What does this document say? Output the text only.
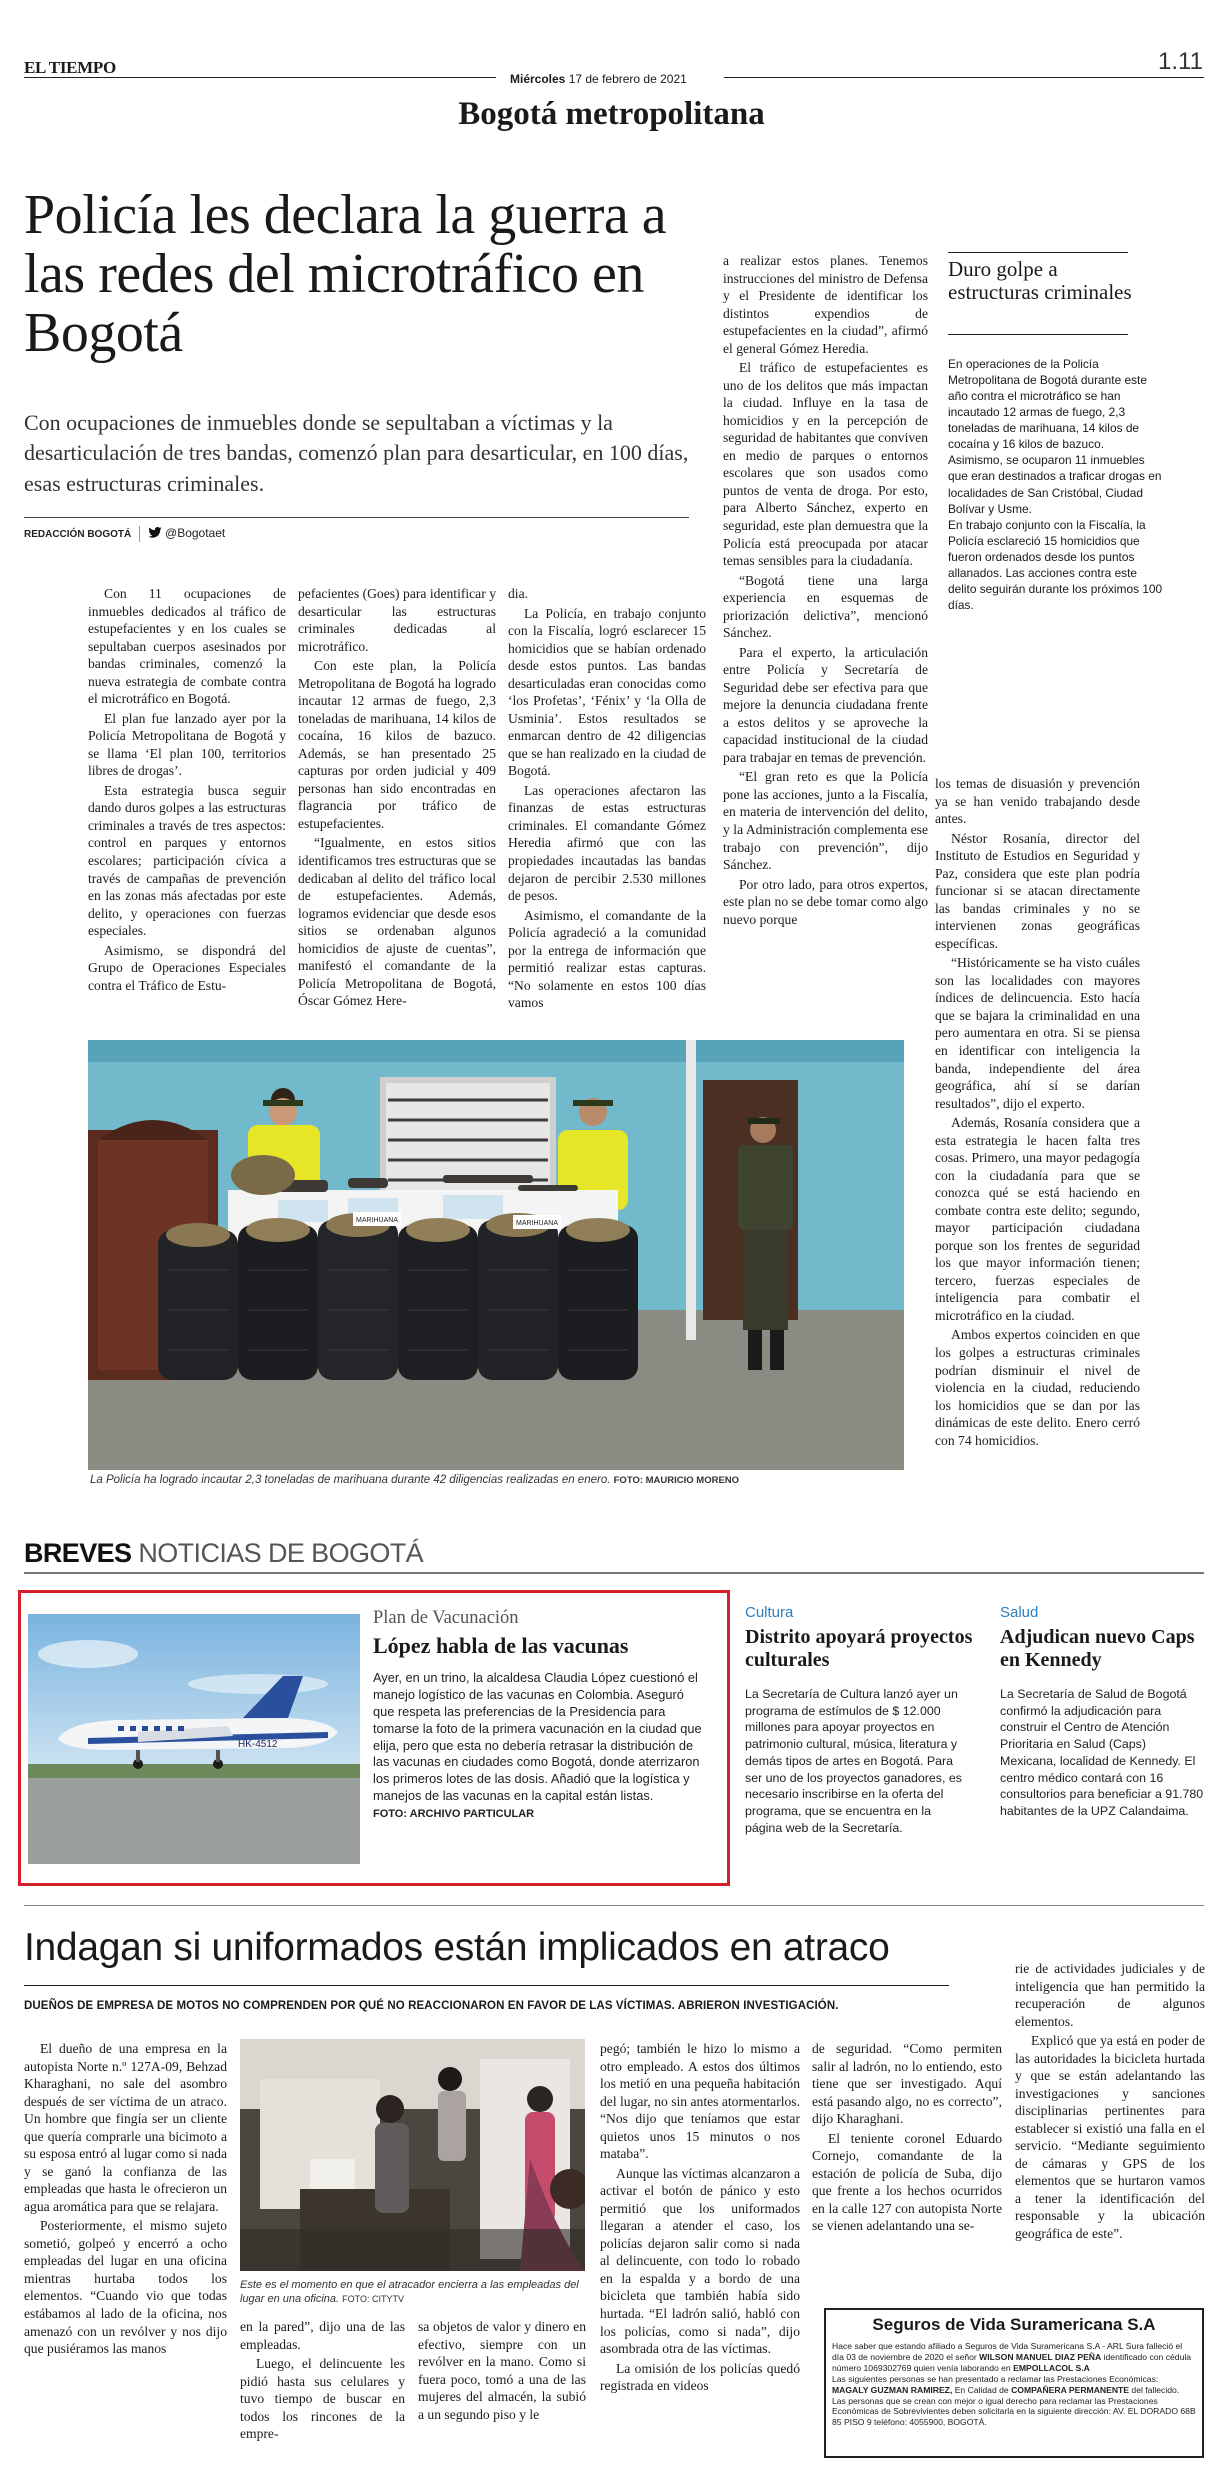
EL TIEMPO
Miércoles 17 de febrero de 2021
1.11
Bogotá metropolitana
Policía les declara la guerra a las redes del microtráfico en Bogotá

Con ocupaciones de inmuebles donde se sepultaban a víctimas y la desarticulación de tres bandas, comenzó plan para desarticular, en 100 días, esas estructuras criminales.

REDACCIÓN BOGOTÁ	@Bogotaet
Duro golpe a estructuras criminales

En operaciones de la Policía Metropolitana de Bogotá durante este año contra el microtráfico se han incautado 12 armas de fuego, 2,3 toneladas de marihuana, 14 kilos de cocaína y 16 kilos de bazuco.

Asimismo, se ocuparon 11 inmuebles que eran destinados a traficar drogas en localidades de San Cristóbal, Ciudad Bolívar y Usme.

En trabajo conjunto con la Fiscalía, la Policía esclareció 15 homicidios que fueron ordenados desde los puntos allanados. Las acciones contra este delito seguirán durante los próximos 100 días.

Con 11 ocupaciones de inmuebles dedicados al tráfico de estupefacientes y en los cuales se sepultaban cuerpos asesinados por bandas criminales, comenzó la nueva estrategia de combate contra el microtráfico en Bogotá.

El plan fue lanzado ayer por la Policía Metropolitana de Bogotá y se llama ‘El plan 100, territorios libres de drogas’.

Esta estrategia busca seguir dando duros golpes a las estructuras criminales a través de tres aspectos: control en parques y entornos escolares; participación cívica a través de campañas de prevención en las zonas más afectadas por este delito, y operaciones con fuerzas especiales.

Asimismo, se dispondrá del Grupo de Operaciones Especiales contra el Tráfico de Estu-

pefacientes (Goes) para identificar y desarticular las estructuras criminales dedicadas al microtráfico.

Con este plan, la Policía Metropolitana de Bogotá ha logrado incautar 12 armas de fuego, 2,3 toneladas de marihuana, 14 kilos de cocaína, 16 kilos de bazuco. Además, se han presentado 25 capturas por orden judicial y 409 personas han sido encontradas en flagrancia por tráfico de estupefacientes.

“Igualmente, en estos sitios identificamos tres estructuras que se dedicaban al delito del tráfico local de estupefacientes. Además, logramos evidenciar que desde esos sitios se ordenaban algunos homicidios de ajuste de cuentas”, manifestó el comandante de la Policía Metropolitana de Bogotá, Óscar Gómez Here-

dia.

La Policía, en trabajo conjunto con la Fiscalía, logró esclarecer 15 homicidios que se habían ordenado desde estos puntos. Las bandas desarticuladas eran conocidas como ‘los Profetas’, ‘Fénix’ y ‘la Olla de Usminia’. Estos resultados se enmarcan dentro de 42 diligencias que se han realizado en la ciudad de Bogotá.

Las operaciones afectaron las finanzas de estas estructuras criminales. El comandante Gómez Heredia afirmó que con las propiedades incautadas las bandas dejaron de percibir 2.530 millones de pesos.

Asimismo, el comandante de la Policía agradeció a la comunidad por la entrega de información que permitió realizar estas capturas. “No solamente en estos 100 días vamos

a realizar estos planes. Tenemos instrucciones del ministro de Defensa y el Presidente de identificar los distintos expendios de estupefacientes en la ciudad”, afirmó el general Gómez Heredia.

El tráfico de estupefacientes es uno de los delitos que más impactan la ciudad. Influye en la tasa de homicidios y en la percepción de seguridad de habitantes que conviven en medio de parques o entornos escolares que son usados como puntos de venta de droga. Por esto, para Alberto Sánchez, experto en seguridad, este plan demuestra que la Policía está preocupada por atacar temas sensibles para la ciudadanía.

“Bogotá tiene una larga experiencia en esquemas de priorización delictiva”, mencionó Sánchez.

Para el experto, la articulación entre Policía y Secretaría de Seguridad debe ser efectiva para que mejore la denuncia ciudadana frente a estos delitos y se aproveche la capacidad institucional de la ciudad para trabajar en temas de prevención.

“El gran reto es que la Policía pone las acciones, junto a la Fiscalía, en materia de intervención del delito, y la Administración complementa ese trabajo con prevención”, dijo Sánchez.

Por otro lado, para otros expertos, este plan no se debe tomar como algo nuevo porque

los temas de disuasión y prevención ya se han venido trabajando desde antes.

Néstor Rosanía, director del Instituto de Estudios en Seguridad y Paz, considera que este plan podría funcionar si se atacan directamente las bandas criminales y no se intervienen zonas geográficas específicas.

“Históricamente se ha visto cuáles son las localidades con mayores índices de delincuencia. Esto hacía que se bajara la criminalidad en una pero aumentara en otra. Si se piensa en identificar con inteligencia la banda, independiente del área geográfica, ahí sí se darían resultados”, dijo el experto.

Además, Rosanía considera que a esta estrategia le hacen falta tres cosas. Primero, una mayor pedagogía con la ciudadanía para que se conozca qué se está haciendo en combate contra este delito; segundo, mayor participación ciudadana porque son los frentes de seguridad los que mayor información tienen; tercero, fuerzas especiales de inteligencia para combatir el microtráfico en la ciudad.

Ambos expertos coinciden en que los golpes a estructuras criminales podrían disminuir el nivel de violencia en la ciudad, reduciendo los homicidios que se dan por las dinámicas de este delito. Enero cerró con 74 homicidios.

MARIHUANA	MARIHUANA
La Policía ha logrado incautar 2,3 toneladas de marihuana durante 42 diligencias realizadas en enero. FOTO: MAURICIO MORENO
BREVES NOTICIAS DE BOGOTÁ
HK-4512
Plan de Vacunación
López habla de las vacunas
Ayer, en un trino, la alcaldesa Claudia López cuestionó el manejo logístico de las vacunas en Colombia. Aseguró que respeta las preferencias de la Presidencia para tomarse la foto de la primera vacunación en la ciudad que elija, pero que esta no debería retrasar la distribución de las vacunas en ciudades como Bogotá, donde aterrizaron los primeros lotes de las dosis. Añadió que la logística y manejos de las vacunas en la capital están listas.
FOTO: ARCHIVO PARTICULAR
Cultura
Distrito apoyará proyectos culturales
La Secretaría de Cultura lanzó ayer un programa de estímulos de $ 12.000 millones para apoyar proyectos en patrimonio cultural, música, literatura y demás tipos de artes en Bogotá. Para ser uno de los proyectos ganadores, es necesario inscribirse en la oferta del programa, que se encuentra en la página web de la Secretaría.
Salud
Adjudican nuevo Caps en Kennedy
La Secretaría de Salud de Bogotá confirmó la adjudicación para construir el Centro de Atención Prioritaria en Salud (Caps) Mexicana, localidad de Kennedy. El centro médico contará con 16 consultorios para beneficiar a 91.780 habitantes de la UPZ Calandaima.
Indagan si uniformados están implicados en atraco
DUEÑOS DE EMPRESA DE MOTOS NO COMPRENDEN POR QUÉ NO REACCIONARON EN FAVOR DE LAS VÍCTIMAS. ABRIERON INVESTIGACIÓN.

El dueño de una empresa en la autopista Norte n.º 127A-09, Behzad Kharaghani, no sale del asombro después de ser víctima de un atraco. Un hombre que fingía ser un cliente que quería comprarle una bicimoto a su esposa entró al lugar como si nada y se ganó la confianza de las empleadas que hasta le ofrecieron un agua aromática para que se relajara.

Posteriormente, el mismo sujeto sometió, golpeó y encerró a ocho empleadas del lugar en una oficina mientras hurtaba todos los elementos. “Cuando vio que todas estábamos al lado de la oficina, nos amenazó con un revólver y nos dijo que pusiéramos las manos

Este es el momento en que el atracador encierra a las empleadas del lugar en una oficina. FOTO: CITYTV

en la pared”, dijo una de las empleadas.

Luego, el delincuente les pidió hasta sus celulares y tuvo tiempo de buscar en todos los rincones de la empre-

sa objetos de valor y dinero en efectivo, siempre con un revólver en la mano. Como si fuera poco, tomó a una de las mujeres del almacén, la subió a un segundo piso y le

pegó; también le hizo lo mismo a otro empleado. A estos dos últimos los metió en una pequeña habitación del lugar, no sin antes atormentarlos. “Nos dijo que teníamos que estar quietos unos 15 minutos o nos mataba”.

Aunque las víctimas alcanzaron a activar el botón de pánico y esto permitió que los uniformados llegaran a atender el caso, los policías dejaron salir como si nada al delincuente, con todo lo robado en la espalda y a bordo de una bicicleta que también había sido hurtada. “El ladrón salió, habló con los policías, como si nada”, dijo asombrada otra de las víctimas.

La omisión de los policías quedó registrada en videos

de seguridad. “Como permiten salir al ladrón, no lo entiendo, esto tiene que ser investigado. Aquí está pasando algo, no es correcto”, dijo Kharaghani.

El teniente coronel Eduardo Cornejo, comandante de la estación de policía de Suba, dijo que frente a los hechos ocurridos en la calle 127 con autopista Norte se vienen adelantando una se-

rie de actividades judiciales y de inteligencia que han permitido la recuperación de algunos elementos.

Explicó que ya está en poder de las autoridades la bicicleta hurtada y que se están adelantando las investigaciones y sanciones disciplinarias pertinentes para establecer si existió una falla en el servicio. “Mediante seguimiento de cámaras y GPS de los elementos que se hurtaron vamos a tener la identificación del responsable y la ubicación geográfica de este”.

Seguros de Vida Suramericana S.A
Hace saber que estando afiliado a Seguros de Vida Suramericana S.A - ARL Sura falleció el día 03 de noviembre de 2020 el señor WILSON MANUEL DIAZ PEÑA identificado con cédula número 1069302769 quien venía laborando en EMPOLLACOL S.A
Las siguientes personas se han presentado a reclamar las Prestaciones Económicas:
MAGALY GUZMAN RAMIREZ, En Calidad de COMPAÑERA PERMANENTE del fallecido.
Las personas que se crean con mejor o igual derecho para reclamar las Prestaciones Económicas de Sobrevivientes deben solicitarla en la siguiente dirección: AV. EL DORADO 68B 85 PISO 9 teléfono: 4055900, BOGOTÁ.
